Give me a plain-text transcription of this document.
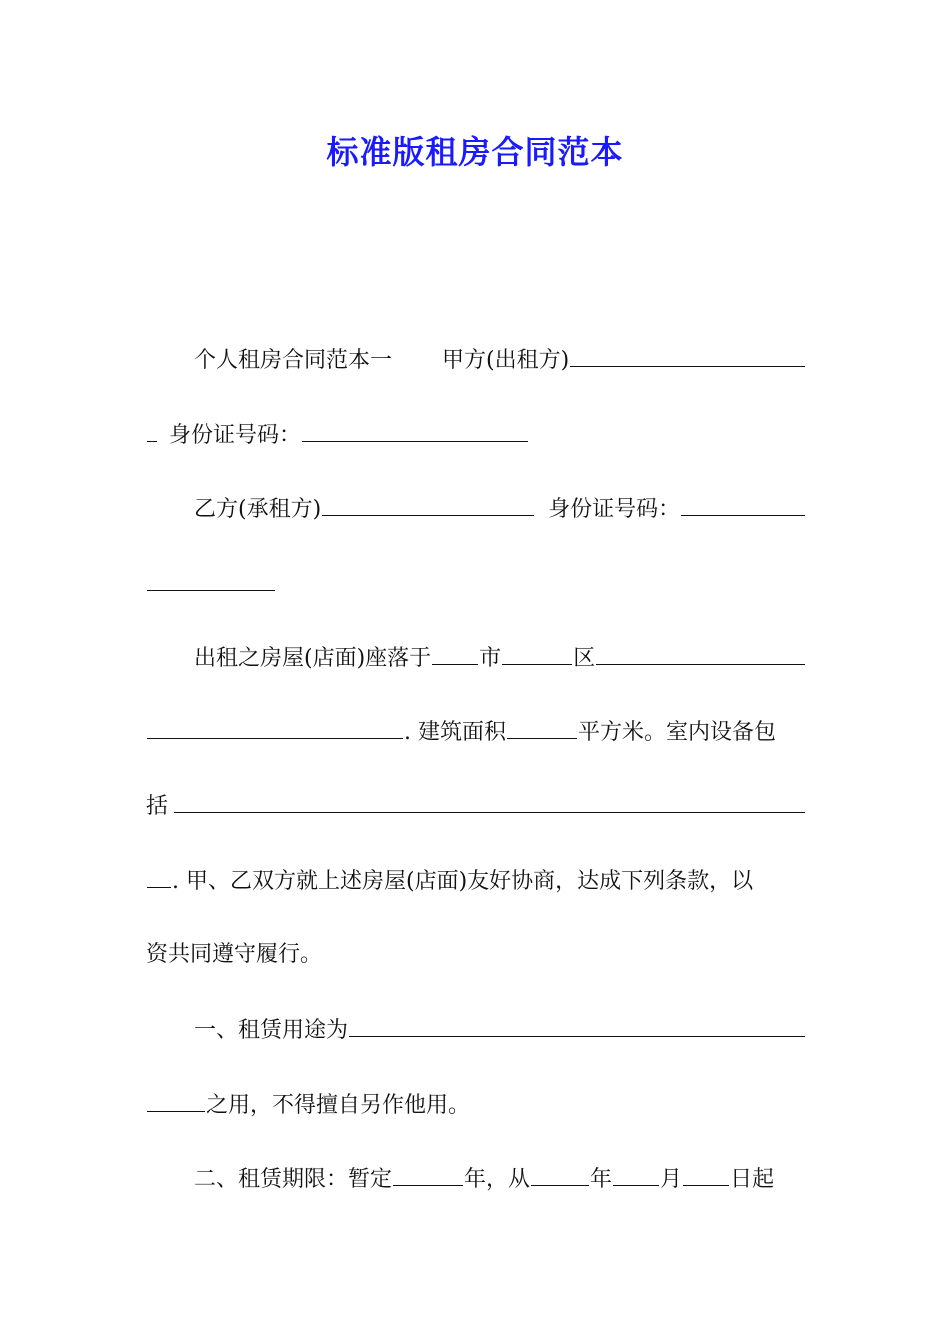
标准版租房合同范本
个人租房合同范本一 甲方(出租方)
身份证号码：
乙方(承租方)	身份证号码：
出租之房屋(店面)座落于 市	区
. 建筑面积	平方米。室内设备包
括
. 甲、乙双方就上述房屋(店面)友好协商，达成下列条款，以
资共同遵守履行。
一、租赁用途为
之用，不得擅自另作他用。
二、租赁期限：暂定	年，从	年 月 日起
